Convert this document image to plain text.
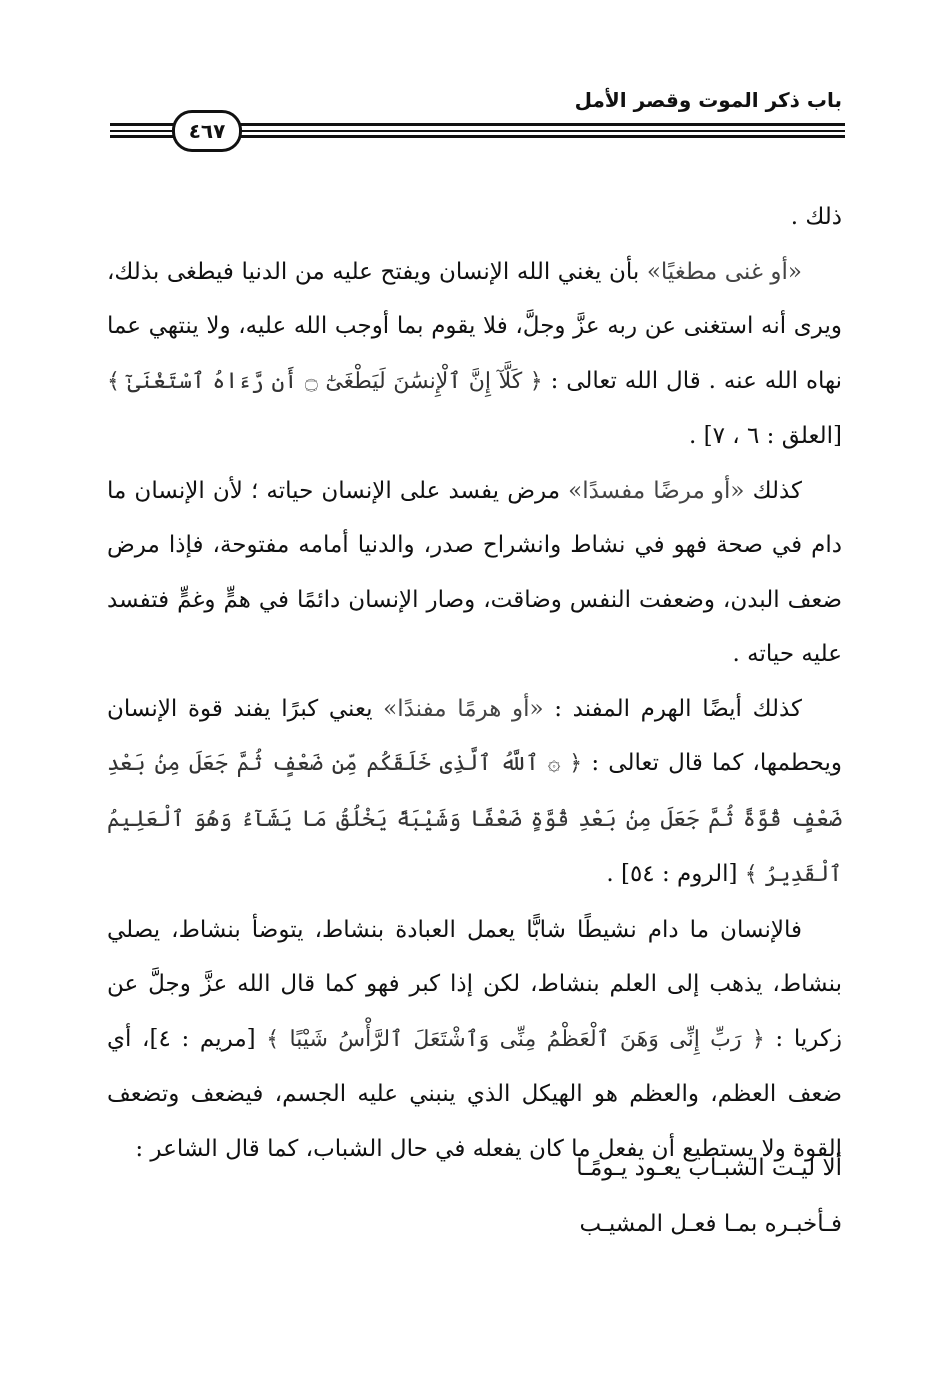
باب ذكر الموت وقصر الأمل
٤٦٧

ذلك .

«أو غنى مطغيًا» بأن يغني الله الإنسان ويفتح عليه من الدنيا فيطغى بذلك، ويرى أنه استغنى عن ربه عزَّ وجلَّ، فلا يقوم بما أوجب الله عليه، ولا ينتهي عما نهاه الله عنه . قال الله تعالى : ﴿ كَلَّآ إِنَّ ٱلْإِنسَٰنَ لَيَطْغَىٰٓ ۝ أَن رَّءَاهُ ٱسْتَغْنَىٰٓ ﴾ [العلق : ٦ ، ٧] .

كذلك «أو مرضًا مفسدًا» مرض يفسد على الإنسان حياته ؛ لأن الإنسان ما دام في صحة فهو في نشاط وانشراح صدر، والدنيا أمامه مفتوحة، فإذا مرض ضعف البدن، وضعفت النفس وضاقت، وصار الإنسان دائمًا في همٍّ وغمٍّ فتفسد عليه حياته .

كذلك أيضًا الهرم المفند : «أو هرمًا مفندًا» يعني كبرًا يفند قوة الإنسان ويحطمها، كما قال تعالى : ﴿ ۞ ٱللَّهُ ٱلَّذِى خَلَقَكُم مِّن ضَعْفٍ ثُمَّ جَعَلَ مِنۢ بَعْدِ ضَعْفٍ قُوَّةً ثُمَّ جَعَلَ مِنۢ بَعْدِ قُوَّةٍ ضَعْفًا وَشَيْبَةً يَخْلُقُ مَا يَشَآءُ وَهُوَ ٱلْعَلِيمُ ٱلْقَدِيرُ ﴾ [الروم : ٥٤] .

فالإنسان ما دام نشيطًا شابًّا يعمل العبادة بنشاط، يتوضأ بنشاط، يصلي بنشاط، يذهب إلى العلم بنشاط، لكن إذا كبر فهو كما قال الله عزَّ وجلَّ عن زكريا : ﴿ رَبِّ إِنِّى وَهَنَ ٱلْعَظْمُ مِنِّى وَٱشْتَعَلَ ٱلرَّأْسُ شَيْبًا ﴾ [مريم : ٤]، أي ضعف العظم، والعظم هو الهيكل الذي ينبني عليه الجسم، فيضعف وتضعف القوة ولا يستطيع أن يفعل ما كان يفعله في حال الشباب، كما قال الشاعر :

ألا ليـت الشبـاب يعـود يـومًـا
فـأخبـره بمـا فعـل المشيـب
